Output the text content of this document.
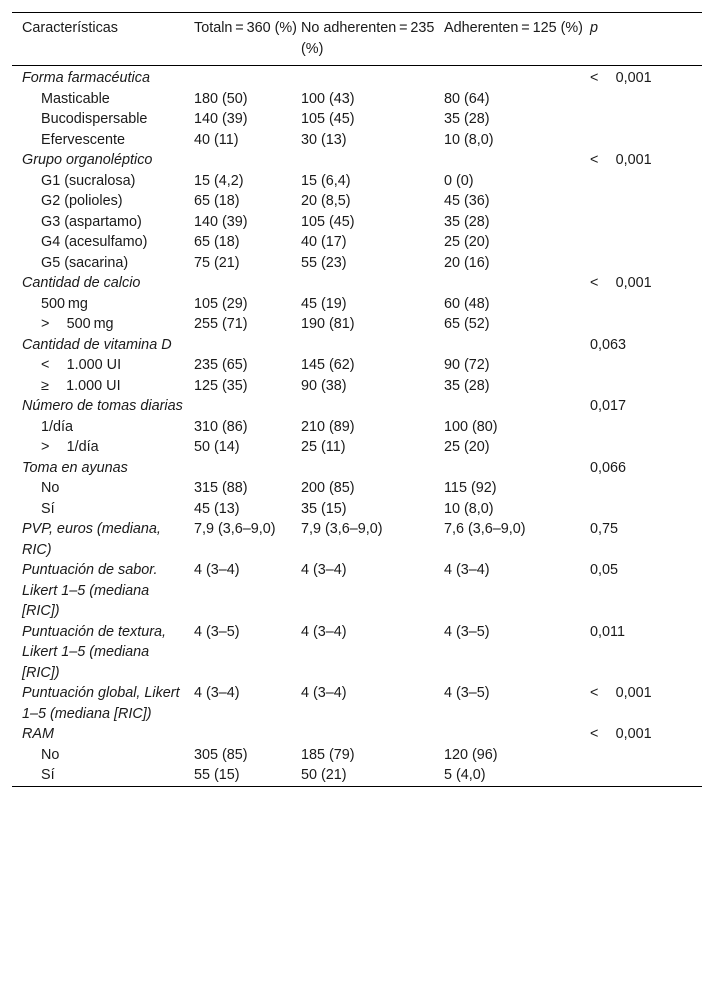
Características	Totaln = 360 (%)	No adherenten = 235 (%)	Adherenten = 125 (%)	p
Forma farmacéutica				<  0,001
Masticable	180 (50)	100 (43)	80 (64)	
Bucodispersable	140 (39)	105 (45)	35 (28)	
Efervescente	40 (11)	30 (13)	10 (8,0)	
Grupo organoléptico				<  0,001
G1 (sucralosa)	15 (4,2)	15 (6,4)	0 (0)	
G2 (polioles)	65 (18)	20 (8,5)	45 (36)	
G3 (aspartamo)	140 (39)	105 (45)	35 (28)	
G4 (acesulfamo)	65 (18)	40 (17)	25 (20)	
G5 (sacarina)	75 (21)	55 (23)	20 (16)	
Cantidad de calcio				<  0,001
500 mg	105 (29)	45 (19)	60 (48)	
>  500 mg	255 (71)	190 (81)	65 (52)	
Cantidad de vitamina D				0,063
<  1.000 UI	235 (65)	145 (62)	90 (72)	
≥  1.000 UI	125 (35)	90 (38)	35 (28)	
Número de tomas diarias				0,017
1/día	310 (86)	210 (89)	100 (80)	
>  1/día	50 (14)	25 (11)	25 (20)	
Toma en ayunas				0,066
No	315 (88)	200 (85)	115 (92)	
Sí	45 (13)	35 (15)	10 (8,0)	
PVP, euros (mediana, RIC)	7,9 (3,6–9,0)	7,9 (3,6–9,0)	7,6 (3,6–9,0)	0,75
Puntuación de sabor. Likert 1–5 (mediana [RIC])	4 (3–4)	4 (3–4)	4 (3–4)	0,05
Puntuación de textura, Likert 1–5 (mediana [RIC])	4 (3–5)	4 (3–4)	4 (3–5)	0,011
Puntuación global, Likert 1–5 (mediana [RIC])	4 (3–4)	4 (3–4)	4 (3–5)	<  0,001
RAM				<  0,001
No	305 (85)	185 (79)	120 (96)	
Sí	55 (15)	50 (21)	5 (4,0)	
